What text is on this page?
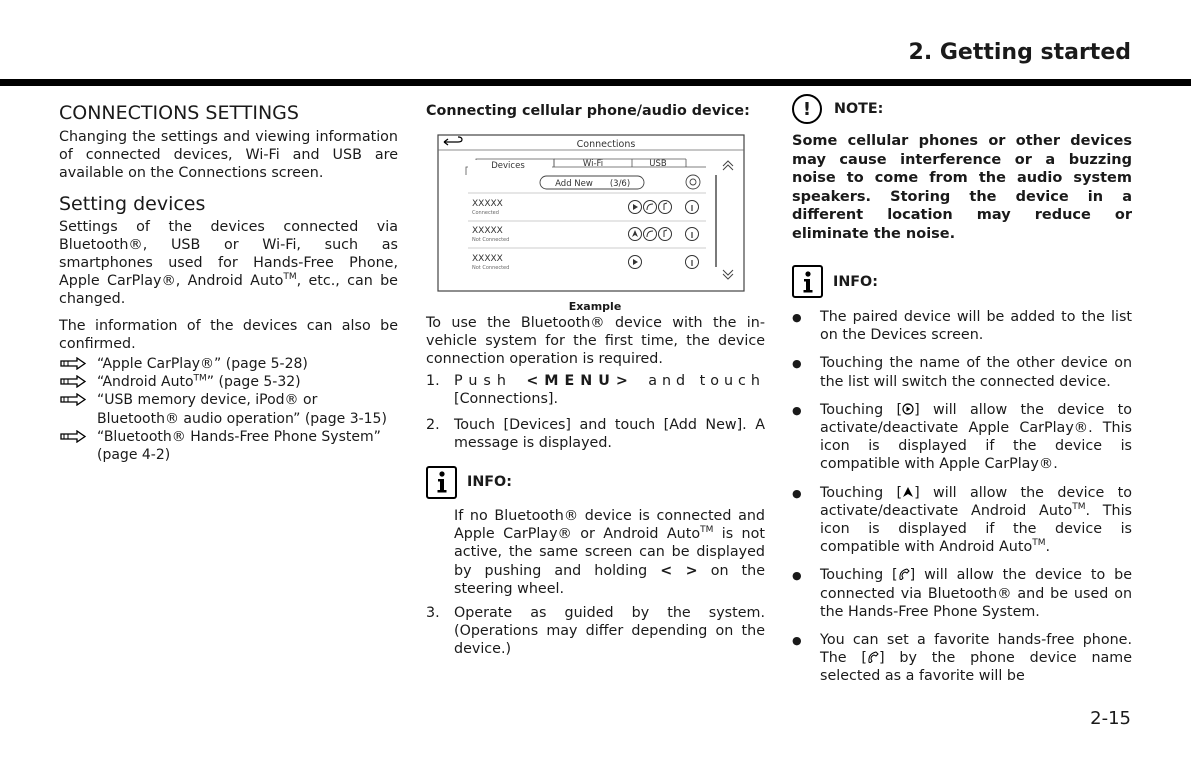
2. Getting started
CONNECTIONS SETTINGS

Changing the settings and viewing information of connected devices, Wi-Fi and USB are available on the Connections screen.

Setting devices

Settings of the devices connected via Bluetooth®, USB or Wi-Fi, such as smartphones used for Hands-Free Phone, Apple CarPlay®, Android Auto™, etc., can be changed.

The information of the devices can also be confirmed.

“Apple CarPlay®” (page 5-28)
“Android Auto™” (page 5-32)
“USB memory device, iPod® or Bluetooth® audio operation” (page 3-15)
“Bluetooth® Hands-Free Phone System” (page 4-2)

Connecting cellular phone/audio device:

Connections
Devices	Wi-Fi	USB
Add New (3/6)
XXXXX
Connected
XXXXX
Not Connected
XXXXX
Not Connected
Example

To use the Bluetooth® device with the in-vehicle system for the first time, the device connection operation is required.

1.	Push <MENU> and touch
[Connections].
2.	Touch [Devices] and touch [Add New]. A message is displayed.
INFO:

If no Bluetooth® device is connected and Apple CarPlay® or Android Auto™ is not active, the same screen can be displayed by pushing and holding < > on the steering wheel.

3.	Operate as guided by the system. (Operations may differ depending on the device.)
!	NOTE:

Some cellular phones or other devices may cause interference or a buzzing noise to come from the audio system speakers. Storing the device in a different location may reduce or eliminate the noise.

INFO:
●	The paired device will be added to the list on the Devices screen.
●	Touching the name of the other device on the list will switch the connected device.
●	Touching [ ] will allow the device to activate/deactivate Apple CarPlay®. This icon is displayed if the device is compatible with Apple CarPlay®.
●	Touching [ ] will allow the device to activate/deactivate Android Auto™. This icon is displayed if the device is compatible with Android Auto™.
●	Touching [ ] will allow the device to be connected via Bluetooth® and be used on the Hands-Free Phone System.
●	You can set a favorite hands-free phone. The [ ] by the phone device name selected as a favorite will be

2-15
